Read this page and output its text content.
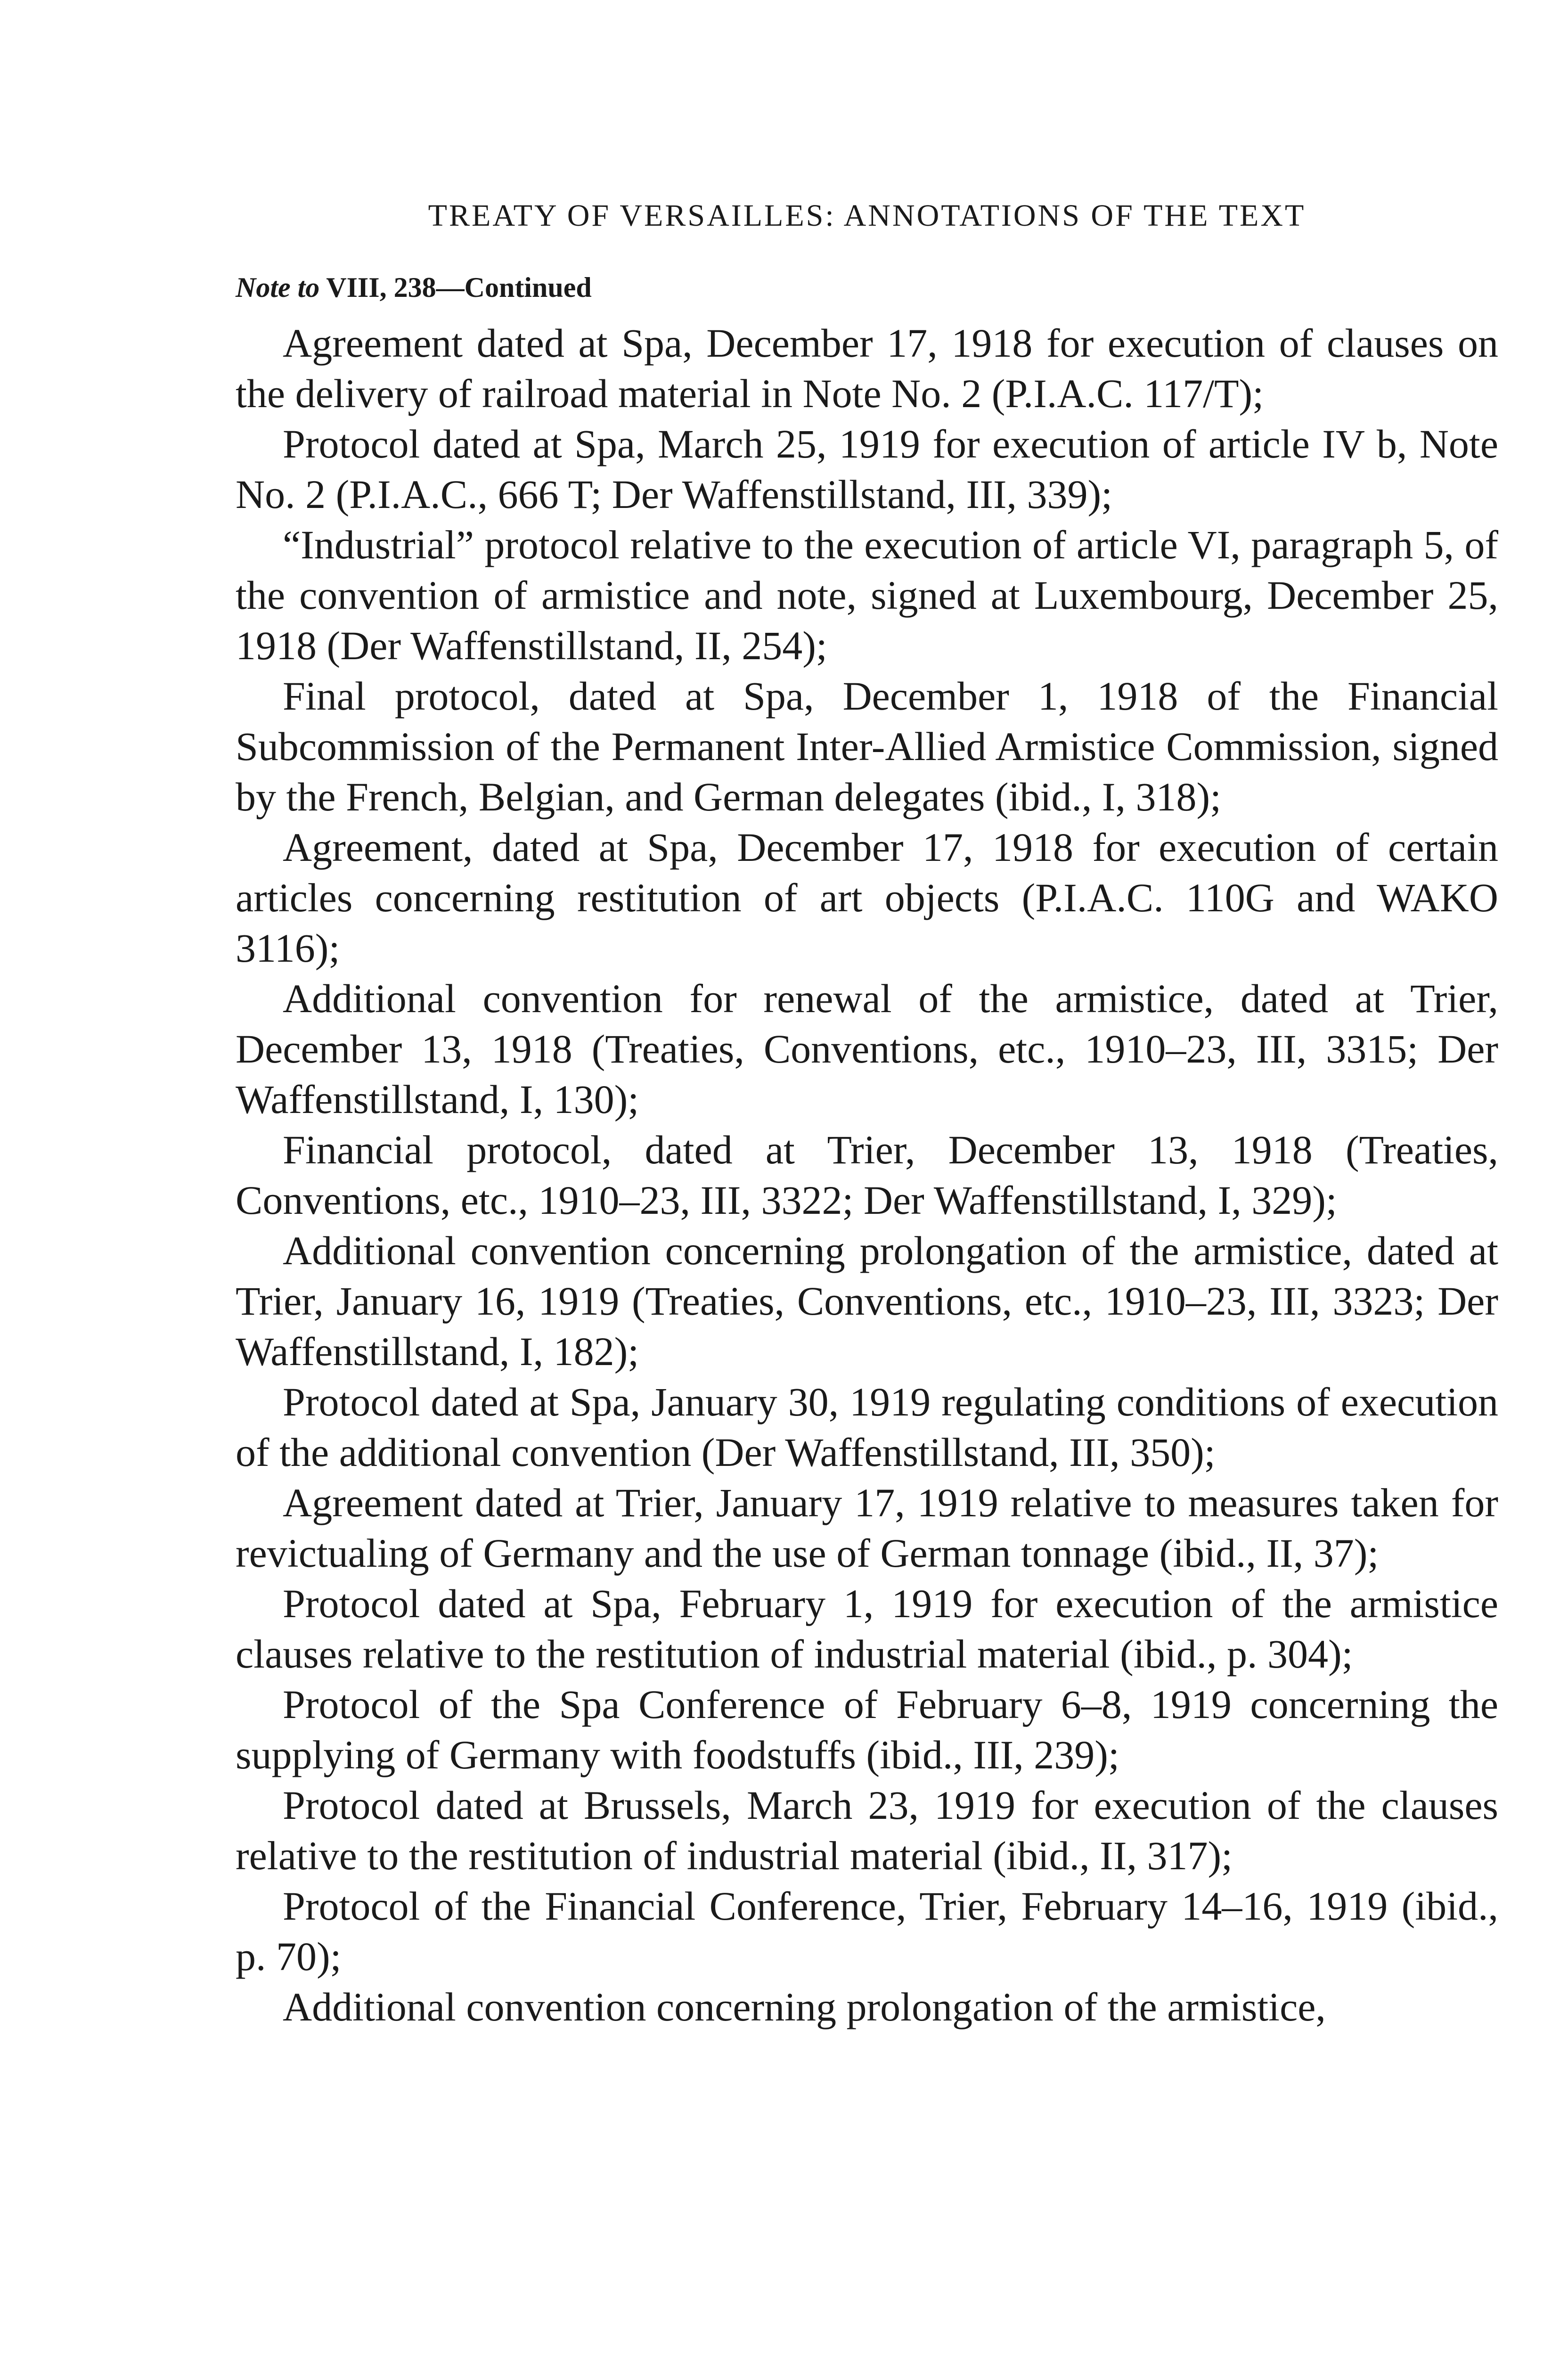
TREATY OF VERSAILLES: ANNOTATIONS OF THE TEXT
Note to VIII, 238—Continued

Agreement dated at Spa, December 17, 1918 for execution of clauses on the delivery of railroad material in Note No. 2 (P.I.A.C. 117/T);

Protocol dated at Spa, March 25, 1919 for execution of article IV b, Note No. 2 (P.I.A.C., 666 T; Der Waffenstillstand, III, 339);

“Industrial” protocol relative to the execution of article VI, paragraph 5, of the convention of armistice and note, signed at Luxembourg, December 25, 1918 (Der Waffenstillstand, II, 254);

Final protocol, dated at Spa, December 1, 1918 of the Financial Subcommission of the Permanent Inter-Allied Armistice Commission, signed by the French, Belgian, and German delegates (ibid., I, 318);

Agreement, dated at Spa, December 17, 1918 for execution of certain articles concerning restitution of art objects (P.I.A.C. 110G and WAKO 3116);

Additional convention for renewal of the armistice, dated at Trier, December 13, 1918 (Treaties, Conventions, etc., 1910–23, III, 3315; Der Waffenstillstand, I, 130);

Financial protocol, dated at Trier, December 13, 1918 (Treaties, Conventions, etc., 1910–23, III, 3322; Der Waffenstillstand, I, 329);

Additional convention concerning prolongation of the armistice, dated at Trier, January 16, 1919 (Treaties, Conventions, etc., 1910–23, III, 3323; Der Waffenstillstand, I, 182);

Protocol dated at Spa, January 30, 1919 regulating conditions of execution of the additional convention (Der Waffenstillstand, III, 350);

Agreement dated at Trier, January 17, 1919 relative to measures taken for revictualing of Germany and the use of German tonnage (ibid., II, 37);

Protocol dated at Spa, February 1, 1919 for execution of the armistice clauses relative to the restitution of industrial material (ibid., p. 304);

Protocol of the Spa Conference of February 6–8, 1919 concerning the supplying of Germany with foodstuffs (ibid., III, 239);

Protocol dated at Brussels, March 23, 1919 for execution of the clauses relative to the restitution of industrial material (ibid., II, 317);

Protocol of the Financial Conference, Trier, February 14–16, 1919 (ibid., p. 70);

Additional convention concerning prolongation of the armistice,
